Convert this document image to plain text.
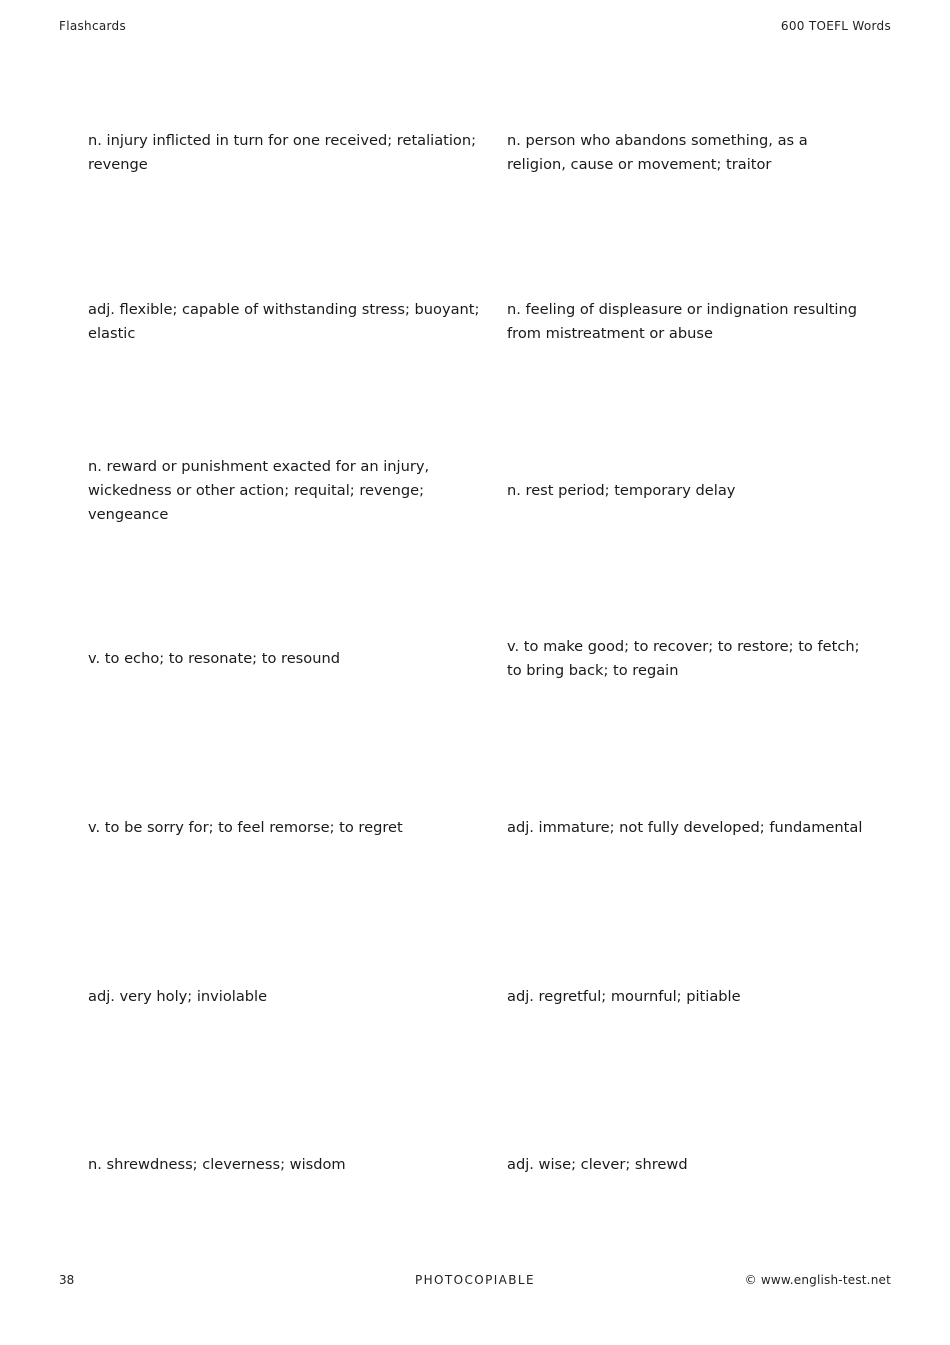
Flashcards	600 TOEFL Words
n. injury inflicted in turn for one received; retaliation; revenge
n. person who abandons something, as a religion, cause or movement; traitor
adj. flexible; capable of withstanding stress; buoyant; elastic
n. feeling of displeasure or indignation resulting from mistreatment or abuse
n. reward or punishment exacted for an injury, wickedness or other action; requital; revenge; vengeance
n. rest period; temporary delay
v. to echo; to resonate; to resound
v. to make good; to recover; to restore; to fetch; to bring back; to regain
v. to be sorry for; to feel remorse; to regret	adj. immature; not fully developed; fundamental
adj. very holy; inviolable	adj. regretful; mournful; pitiable
n. shrewdness; cleverness; wisdom	adj. wise; clever; shrewd
38	PHOTOCOPIABLE	© www.english-test.net
